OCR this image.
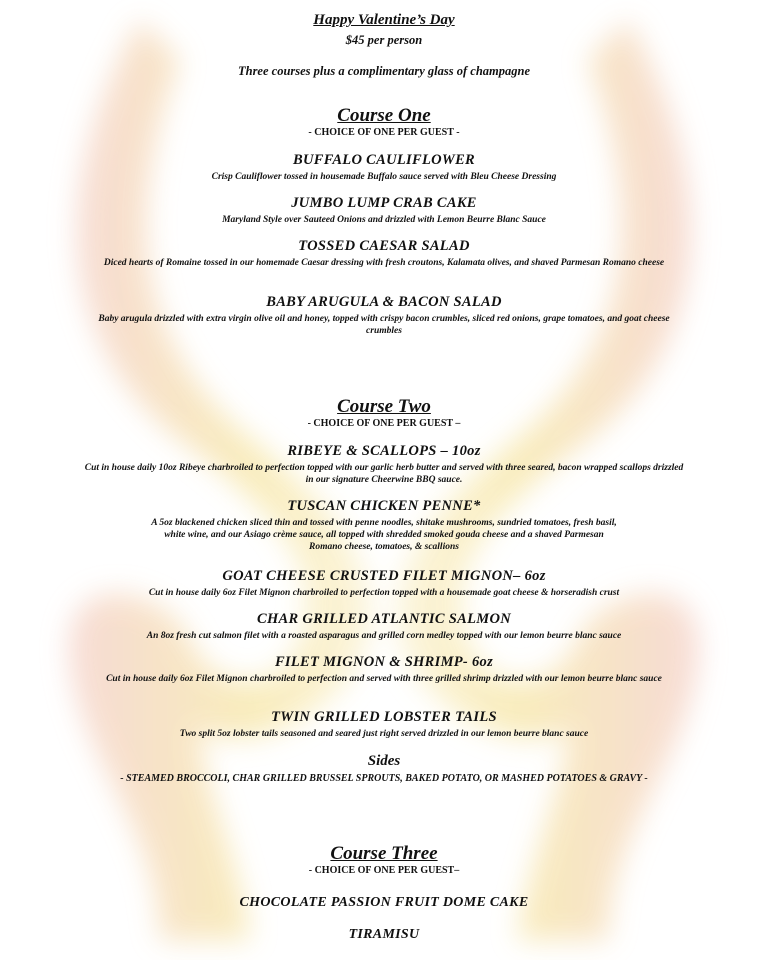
Happy Valentine’s Day
$45 per person
Three courses plus a complimentary glass of champagne
Course One
- CHOICE OF ONE PER GUEST -
BUFFALO CAULIFLOWER
Crisp Cauliflower tossed in housemade Buffalo sauce served with Bleu Cheese Dressing
JUMBO LUMP CRAB CAKE
Maryland Style over Sauteed Onions and drizzled with Lemon Beurre Blanc Sauce
TOSSED CAESAR SALAD
Diced hearts of Romaine tossed in our homemade Caesar dressing with fresh croutons, Kalamata olives, and shaved Parmesan Romano cheese
BABY ARUGULA & BACON SALAD
Baby arugula drizzled with extra virgin olive oil and honey, topped with crispy bacon crumbles, sliced red onions, grape tomatoes, and goat cheese crumbles
Course Two
- CHOICE OF ONE PER GUEST –
RIBEYE & SCALLOPS – 10oz
Cut in house daily 10oz Ribeye charbroiled to perfection topped with our garlic herb butter and served with three seared, bacon wrapped scallops drizzled in our signature Cheerwine BBQ sauce.
TUSCAN CHICKEN PENNE*
A 5oz blackened chicken sliced thin and tossed with penne noodles, shitake mushrooms, sundried tomatoes, fresh basil, white wine, and our Asiago crème sauce, all topped with shredded smoked gouda cheese and a shaved Parmesan Romano cheese, tomatoes, & scallions
GOAT CHEESE CRUSTED FILET MIGNON– 6oz
Cut in house daily 6oz Filet Mignon charbroiled to perfection topped with a housemade goat cheese & horseradish crust
CHAR GRILLED ATLANTIC SALMON
An 8oz fresh cut salmon filet with a roasted asparagus and grilled corn medley topped with our lemon beurre blanc sauce
FILET MIGNON & SHRIMP- 6oz
Cut in house daily 6oz Filet Mignon charbroiled to perfection and served with three grilled shrimp drizzled with our lemon beurre blanc sauce
TWIN GRILLED LOBSTER TAILS
Two split 5oz lobster tails seasoned and seared just right served drizzled in our lemon beurre blanc sauce
Sides
- STEAMED BROCCOLI, CHAR GRILLED BRUSSEL SPROUTS, BAKED POTATO, OR MASHED POTATOES & GRAVY -
Course Three
- CHOICE OF ONE PER GUEST–
CHOCOLATE PASSION FRUIT DOME CAKE
TIRAMISU
